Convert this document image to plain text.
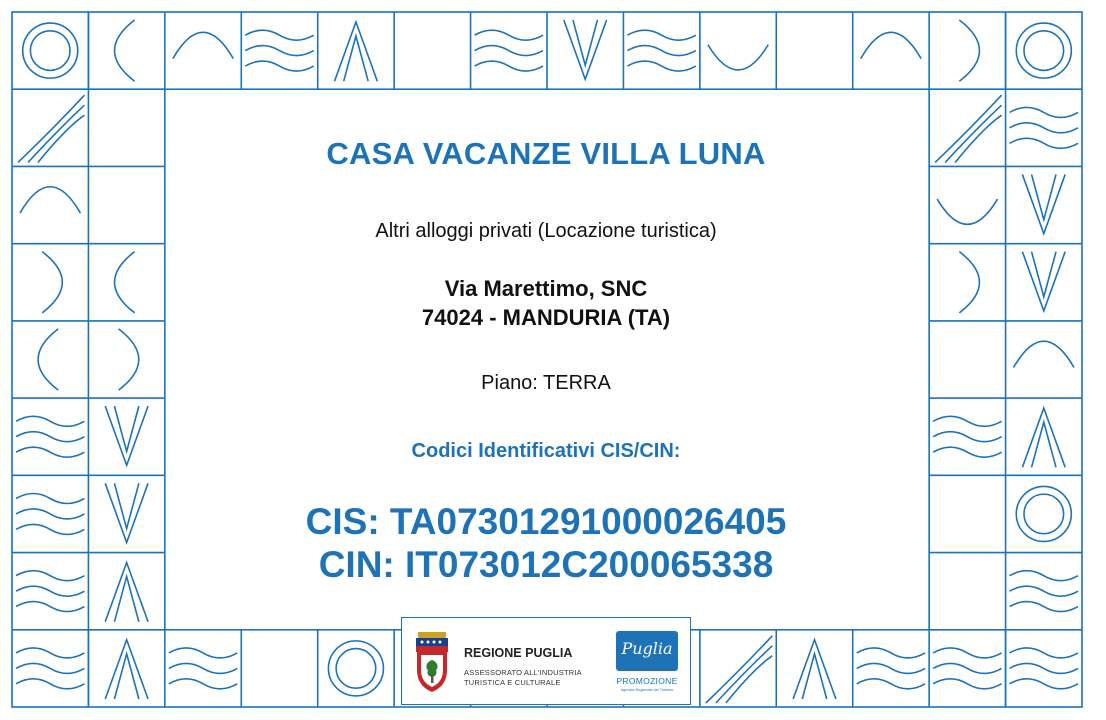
CASA VACANZE VILLA LUNA
Altri alloggi privati (Locazione turistica)
Via Marettimo, SNC
74024 - MANDURIA (TA)
Piano: TERRA
Codici Identificativi CIS/CIN:
CIS: TA07301291000026405
CIN: IT073012C200065338
REGIONE PUGLIA
ASSESSORATO ALL'INDUSTRIA
TURISTICA E CULTURALE
Puglia
PROMOZIONE
Agenzia Regionale del Turismo
